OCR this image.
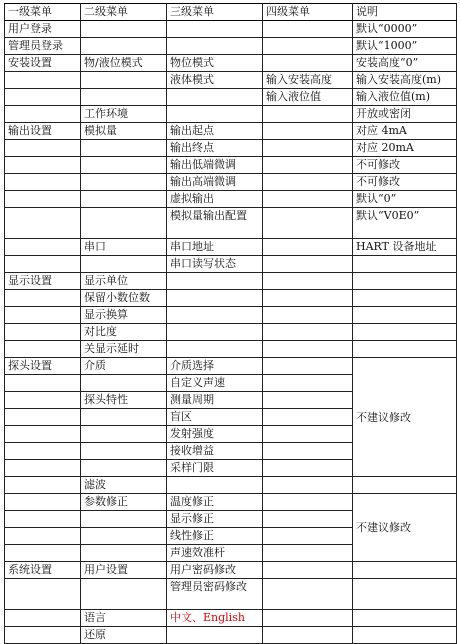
一级菜单	二级菜单	三级菜单	四级菜单	说明
用户登录				默认“0000”
管理员登录				默认“1000”
安装设置	物/液位模式	物位模式		安装高度“0”
		液体模式	输入安装高度	输入安装高度(m)
			输入液位值	输入液位值(m)
	工作环境			开放或密闭
输出设置	模拟量	输出起点		对应 4mA
		输出终点		对应 20mA
		输出低端微调		不可修改
		输出高端微调		不可修改
		虚拟输出		默认“0”
		模拟量输出配置		默认“V0E0”
	串口	串口地址		HART 设备地址
		串口读写状态		
显示设置	显示单位			
	保留小数位数			
	显示换算			
	对比度			
	关显示延时			
探头设置	介质	介质选择		不建议修改
		自定义声速		
	探头特性	测量周期		
		盲区		
		发射强度		
		接收增益		
		采样门限		
	滤波			
	参数修正	温度修正		不建议修改
		显示修正		
		线性修正		
		声速效准杆		
系统设置	用户设置	用户密码修改		
		管理员密码修改		
	语言	中文、English		
	还原			
